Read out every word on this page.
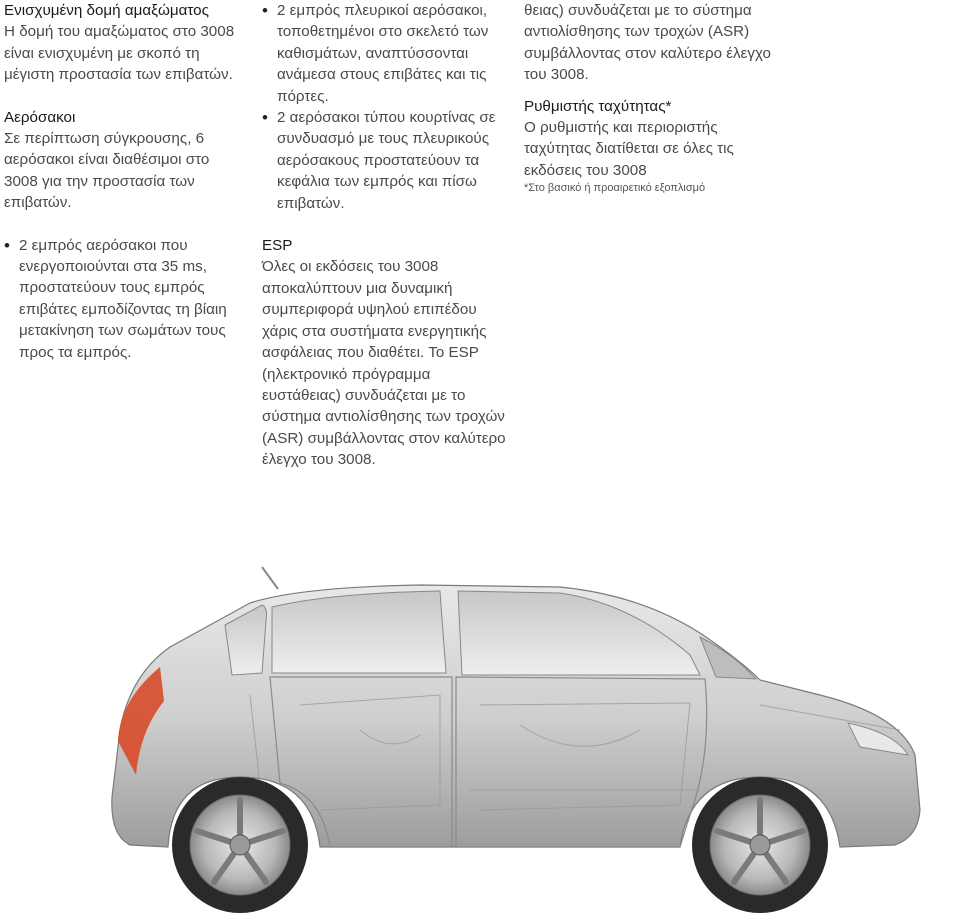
Ενισχυμένη δομή αμαξώματος

Η δομή του αμαξώματος στο 3008 είναι ενισχυμένη με σκοπό τη μέγιστη προστασία των επιβατών.

Αερόσακοι

Σε περίπτωση σύγκρουσης, 6 αερόσακοι είναι διαθέσιμοι στο 3008 για την προστασία των επιβατών.

• 2 εμπρός αερόσακοι που ενεργοποιούνται στα 35 ms, προστατεύουν τους εμπρός επιβάτες εμποδίζοντας τη βίαιη μετακίνηση των σωμάτων τους προς τα εμπρός.

• 2 εμπρός πλευρικοί αερόσακοι, τοποθετημένοι στο σκελετό των καθισμάτων, αναπτύσσονται ανάμεσα στους επιβάτες και τις πόρτες.

• 2 αερόσακοι τύπου κουρτίνας σε συνδυασμό με τους πλευρικούς αερόσακους προστατεύουν τα κεφάλια των εμπρός και πίσω επιβατών.

ESP

Όλες οι εκδόσεις του 3008 αποκαλύπτουν μια δυναμική συμπεριφορά υψηλού επιπέδου χάρις στα συστήματα ενεργητικής ασφάλειας που διαθέτει. Το ESP (ηλεκτρονικό πρόγραμμα ευστάθειας) συνδυάζεται με το σύστημα αντιολίσθησης των τροχών (ASR) συμβάλλοντας στον καλύτερο έλεγχο του 3008.

θειας) συνδυάζεται με το σύστημα αντιολίσθησης των τροχών (ASR) συμβάλλοντας στον καλύτερο έλεγχο του 3008.

Ρυθμιστής ταχύτητας*

Ο ρυθμιστής και περιοριστής ταχύτητας διατίθεται σε όλες τις εκδόσεις του 3008

*Στο βασικό ή προαιρετικό εξοπλισμό
